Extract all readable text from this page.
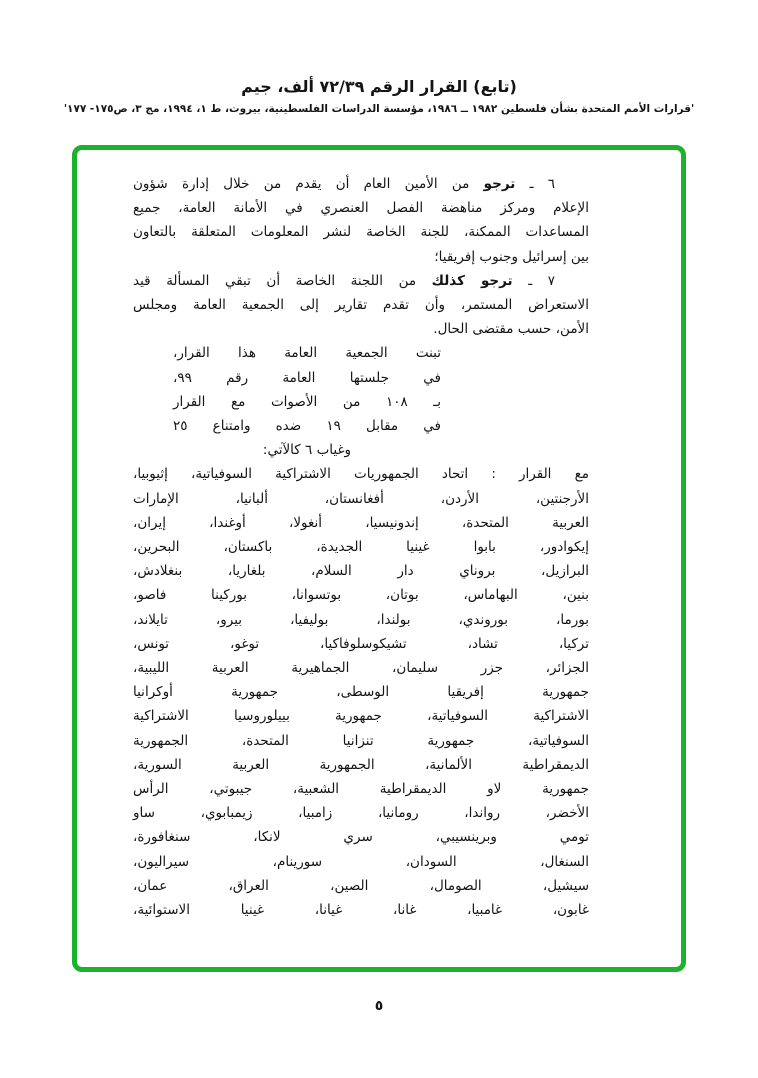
(تابع) القرار الرقم ٧٢/٣٩ ألف، جيم
'قرارات الأمم المتحدة بشأن فلسطين ١٩٨٢ ــ ١٩٨٦، مؤسسة الدراسات الفلسطينية، بيروت، ط ١، ١٩٩٤، مج ٣، ص١٧٥- ١٧٧'
٦ ـ ترجو من الأمين العام أن يقدم من خلال إدارة شؤون
الإعلام ومركز مناهضة الفصل العنصري في الأمانة العامة، جميع
المساعدات الممكنة، للجنة الخاصة لنشر المعلومات المتعلقة بالتعاون
بين إسرائيل وجنوب إفريقيا؛
٧ ـ ترجو كذلك من اللجنة الخاصة أن تبقي المسألة قيد
الاستعراض المستمر، وأن تقدم تقارير إلى الجمعية العامة ومجلس
الأمن، حسب مقتضى الحال.
تبنت الجمعية العامة هذا القرار،
في جلستها العامة رقم ٩٩،
بـ ١٠٨ من الأصوات مع القرار
في مقابل ١٩ ضده وامتناع ٢٥
وغياب ٦ كالآتي:
مع القرار : اتحاد الجمهوريات الاشتراكية السوفياتية، إثيوبيا،
الأرجنتين، الأردن، أفغانستان، ألبانيا، الإمارات
العربية المتحدة، إندونيسيا، أنغولا، أوغندا، إيران،
إيكوادور، بابوا غينيا الجديدة، باكستان، البحرين،
البرازيل، بروناي دار السلام، بلغاريا، بنغلادش،
بنين، البهاماس، بوتان، بوتسوانا، بوركينا فاصو،
بورما، بوروندي، بولندا، بوليفيا، بيرو، تايلاند،
تركيا، تشاد، تشيكوسلوفاكيا، توغو، تونس،
الجزائر، جزر سليمان، الجماهيرية العربية الليبية،
جمهورية إفريقيا الوسطى، جمهورية أوكرانيا
الاشتراكية السوفياتية، جمهورية بييلوروسيا الاشتراكية
السوفياتية، جمهورية تنزانيا المتحدة، الجمهورية
الديمقراطية الألمانية، الجمهورية العربية السورية،
جمهورية لاو الديمقراطية الشعبية، جيبوتي، الرأس
الأخضر، رواندا، رومانيا، زامبيا، زيمبابوي، ساو
تومي وبرينسيبي، سري لانكا، سنغافورة،
السنغال، السودان، سورينام، سيراليون،
سيشيل، الصومال، الصين، العراق، عمان،
غابون، غامبيا، غانا، غيانا، غينيا الاستوائية،
٥
